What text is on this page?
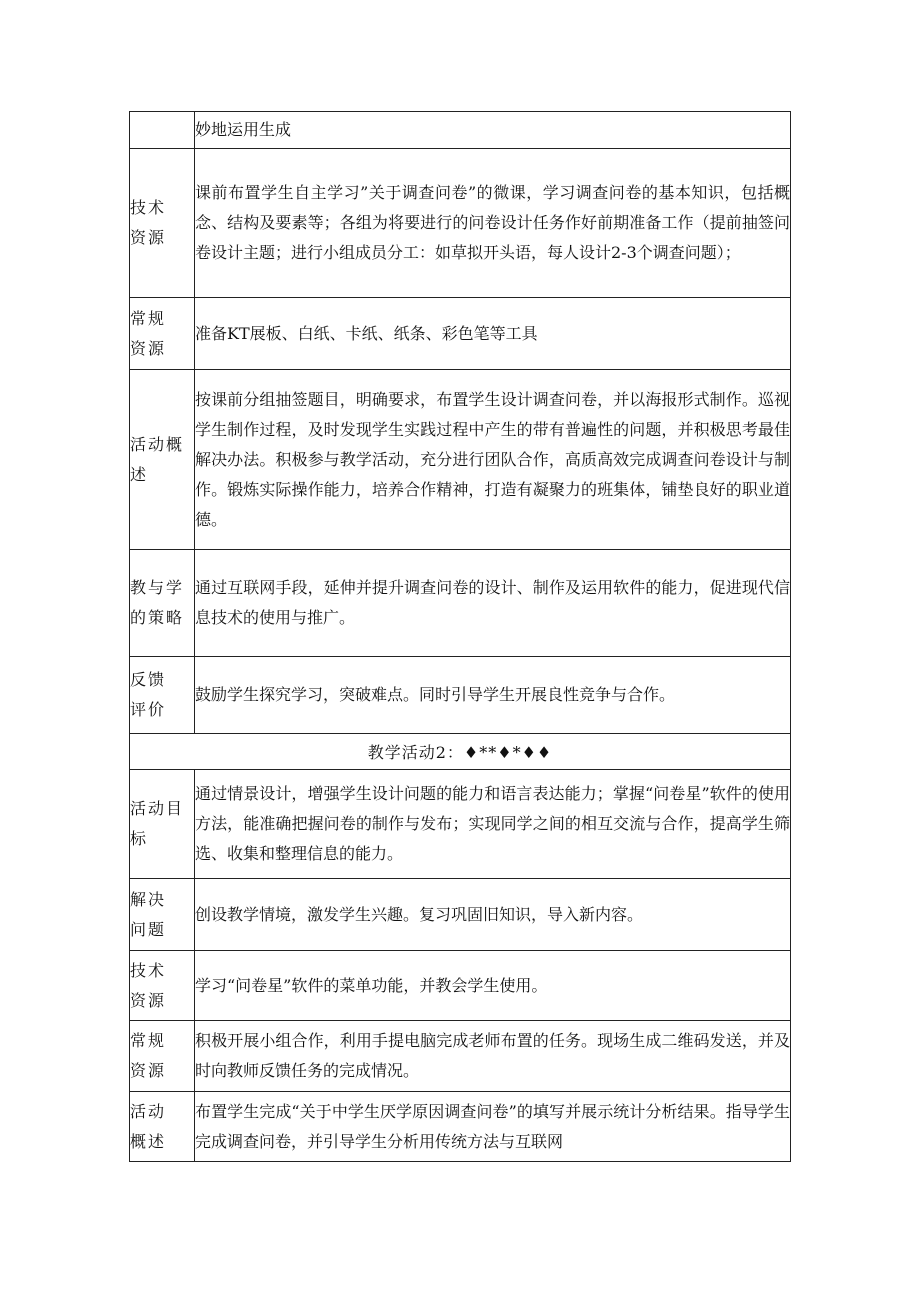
	妙地运用生成

技术
资源	课前布置学生自主学习”关于调查问卷”的微课，学习调查问卷的基本知识，包括概念、结构及要素等；各组为将要进行的问卷设计任务作好前期准备工作（提前抽签问卷设计主题；进行小组成员分工：如草拟开头语，每人设计2-3个调查问题）；

常规
资源	准备KT展板、白纸、卡纸、纸条、彩色笔等工具

活动概
述	按课前分组抽签题目，明确要求，布置学生设计调查问卷，并以海报形式制作。巡视学生制作过程，及时发现学生实践过程中产生的带有普遍性的问题，并积极思考最佳解决办法。积极参与教学活动，充分进行团队合作，高质高效完成调查问卷设计与制作。锻炼实际操作能力，培养合作精神，打造有凝聚力的班集体，铺垫良好的职业道德。

教与学
的策略	通过互联网手段，延伸并提升调查问卷的设计、制作及运用软件的能力，促进现代信息技术的使用与推广。

反馈
评价	鼓励学生探究学习，突破难点。同时引导学生开展良性竞争与合作。
教学活动2：♦**♦*♦♦	

活动目
标	通过情景设计，增强学生设计问题的能力和语言表达能力；掌握“问卷星”软件的使用方法，能准确把握问卷的制作与发布；实现同学之间的相互交流与合作，提高学生筛选、收集和整理信息的能力。

解决
问题	创设教学情境，激发学生兴趣。复习巩固旧知识，导入新内容。

技术
资源	学习“问卷星”软件的菜单功能，并教会学生使用。

常规
资源	积极开展小组合作，利用手提电脑完成老师布置的任务。现场生成二维码发送，并及时向教师反馈任务的完成情况。

活动
概述	布置学生完成“关于中学生厌学原因调查问卷”的填写并展示统计分析结果。指导学生完成调查问卷，并引导学生分析用传统方法与互联网
